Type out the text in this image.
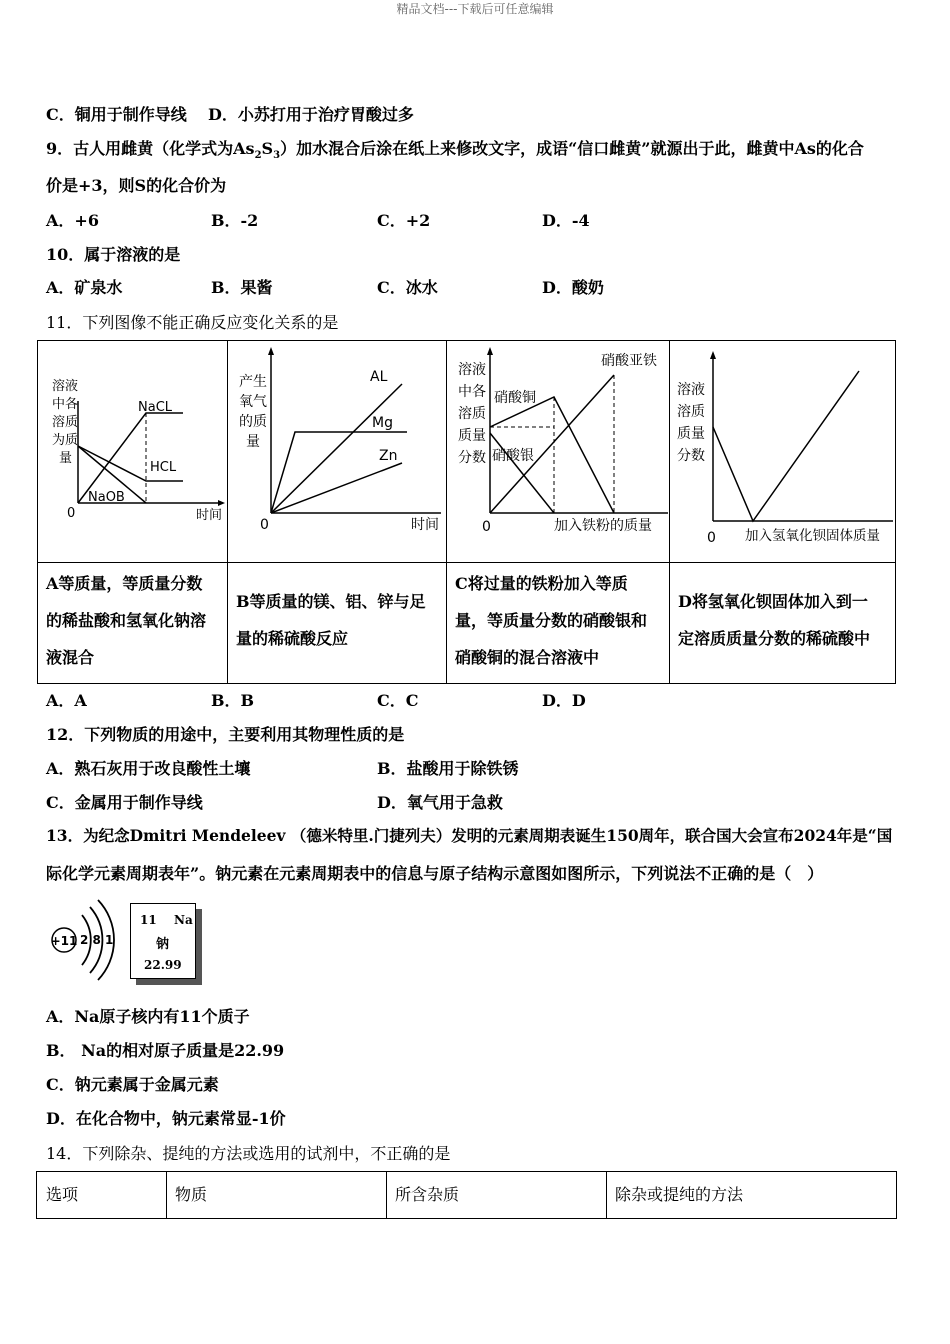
精品文档---下载后可任意编辑
C．铜用于制作导线 D．小苏打用于治疗胃酸过多
9．古人用雌黄（化学式为$As_2S_3$）加水混合后涂在纸上来修改文字，成语“信口雌黄”就源出于此，雌黄中As的化合
价是+3，则S的化合价为
A．+6	B．-2	C．+2	D．-4
10．属于溶液的是
A．矿泉水	B．果酱	C．冰水	D．酸奶
11．下列图像不能正确反应变化关系的是
溶液
中各
溶质
为质
量
0	时间
NaCL
HCL
NaOB
产生
氧气
的质
量
0	时间
AL
Mg
Zn
溶液
中各
溶质
质量
分数
0	加入铁粉的质量
硝酸亚铁
硝酸铜
硝酸银
溶液
溶质
质量
分数
0 加入氢氧化钡固体质量
A等质量，等质量分数
的稀盐酸和氢氧化钠溶
液混合
B等质量的镁、铝、锌与足
量的稀硫酸反应
C将过量的铁粉加入等质
量，等质量分数的硝酸银和
硝酸铜的混合溶液中
D将氢氧化钡固体加入到一
定溶质质量分数的稀硫酸中
A．A	B．B	C．C	D．D
12．下列物质的用途中，主要利用其物理性质的是
A．熟石灰用于改良酸性土壤	B．盐酸用于除铁锈
C．金属用于制作导线	D．氧气用于急救
13．为纪念Dmitri Mendeleev （德米特里.门捷列夫）发明的元素周期表诞生150周年，联合国大会宣布2024年是“国
际化学元素周期表年”。钠元素在元素周期表中的信息与原子结构示意图如图所示，下列说法不正确的是（　）
+11 2 8 1
11 Na
钠
22.99
A．Na原子核内有11个质子
B． Na的相对原子质量是22.99
C．钠元素属于金属元素
D．在化合物中，钠元素常显-1价
14．下列除杂、提纯的方法或选用的试剂中，不正确的是
选项	物质	所含杂质	除杂或提纯的方法
